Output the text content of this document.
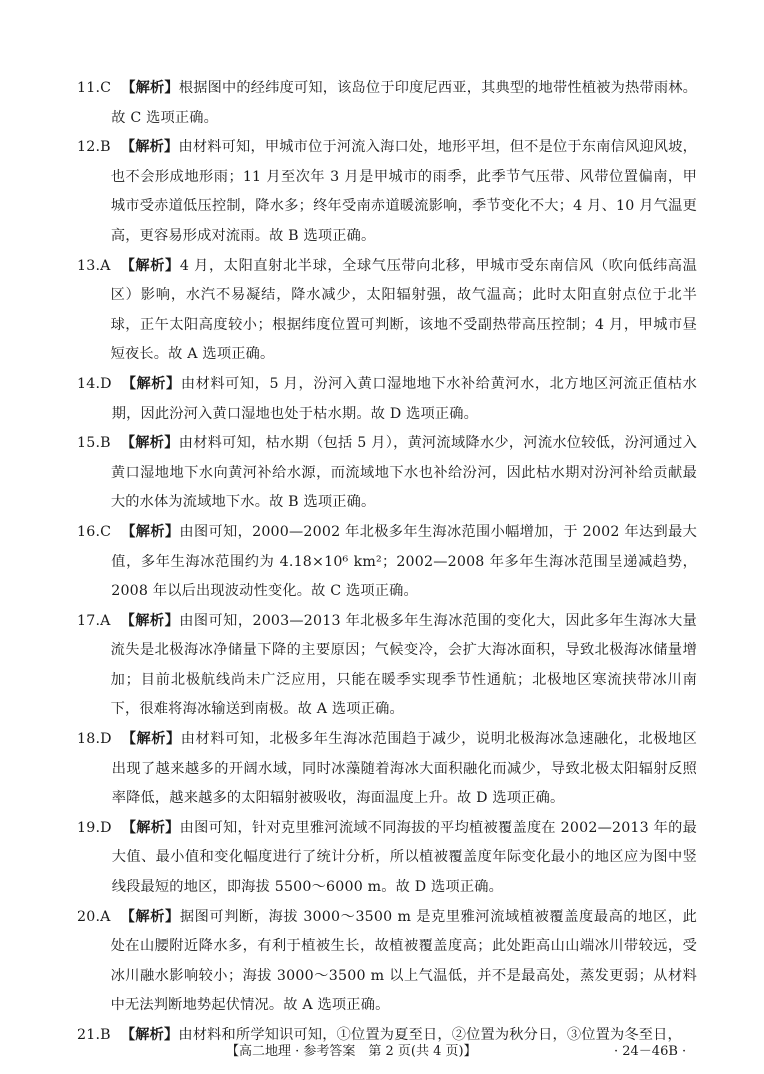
11. C 【解析】根据图中的经纬度可知，该岛位于印度尼西亚，其典型的地带性植被为热带雨林。故 C 选项正确。
12. B 【解析】由材料可知，甲城市位于河流入海口处，地形平坦，但不是位于东南信风迎风坡，也不会形成地形雨；11 月至次年 3 月是甲城市的雨季，此季节气压带、风带位置偏南，甲城市受赤道低压控制，降水多；终年受南赤道暖流影响，季节变化不大；4 月、10 月气温更高，更容易形成对流雨。故 B 选项正确。
13. A 【解析】4 月，太阳直射北半球，全球气压带向北移，甲城市受东南信风（吹向低纬高温区）影响，水汽不易凝结，降水减少，太阳辐射强，故气温高；此时太阳直射点位于北半球，正午太阳高度较小；根据纬度位置可判断，该地不受副热带高压控制；4 月，甲城市昼短夜长。故 A 选项正确。
14. D 【解析】由材料可知，5 月，汾河入黄口湿地地下水补给黄河水，北方地区河流正值枯水期，因此汾河入黄口湿地也处于枯水期。故 D 选项正确。
15. B 【解析】由材料可知，枯水期（包括 5 月），黄河流域降水少，河流水位较低，汾河通过入黄口湿地地下水向黄河补给水源，而流域地下水也补给汾河，因此枯水期对汾河补给贡献最大的水体为流域地下水。故 B 选项正确。
16. C 【解析】由图可知，2000—2002 年北极多年生海冰范围小幅增加，于 2002 年达到最大值，多年生海冰范围约为 4.18×10⁶ km²；2002—2008 年多年生海冰范围呈递减趋势，2008 年以后出现波动性变化。故 C 选项正确。
17. A 【解析】由图可知，2003—2013 年北极多年生海冰范围的变化大，因此多年生海冰大量流失是北极海冰净储量下降的主要原因；气候变冷，会扩大海冰面积，导致北极海冰储量增加；目前北极航线尚未广泛应用，只能在暖季实现季节性通航；北极地区寒流挟带冰川南下，很难将海冰输送到南极。故 A 选项正确。
18. D 【解析】由材料可知，北极多年生海冰范围趋于减少，说明北极海冰急速融化，北极地区出现了越来越多的开阔水域，同时冰藻随着海冰大面积融化而减少，导致北极太阳辐射反照率降低，越来越多的太阳辐射被吸收，海面温度上升。故 D 选项正确。
19. D 【解析】由图可知，针对克里雅河流域不同海拔的平均植被覆盖度在 2002—2013 年的最大值、最小值和变化幅度进行了统计分析，所以植被覆盖度年际变化最小的地区应为图中竖线段最短的地区，即海拔 5500～6000 m。故 D 选项正确。
20. A 【解析】据图可判断，海拔 3000～3500 m 是克里雅河流域植被覆盖度最高的地区，此处在山腰附近降水多，有利于植被生长，故植被覆盖度高；此处距高山山端冰川带较远，受冰川融水影响较小；海拔 3000～3500 m 以上气温低，并不是最高处，蒸发更弱；从材料中无法判断地势起伏情况。故 A 选项正确。
21. B 【解析】由材料和所学知识可知，①位置为夏至日，②位置为秋分日，③位置为冬至日，
【高二地理 · 参考答案　第 2 页(共 4 页)】	· 24－46B ·
